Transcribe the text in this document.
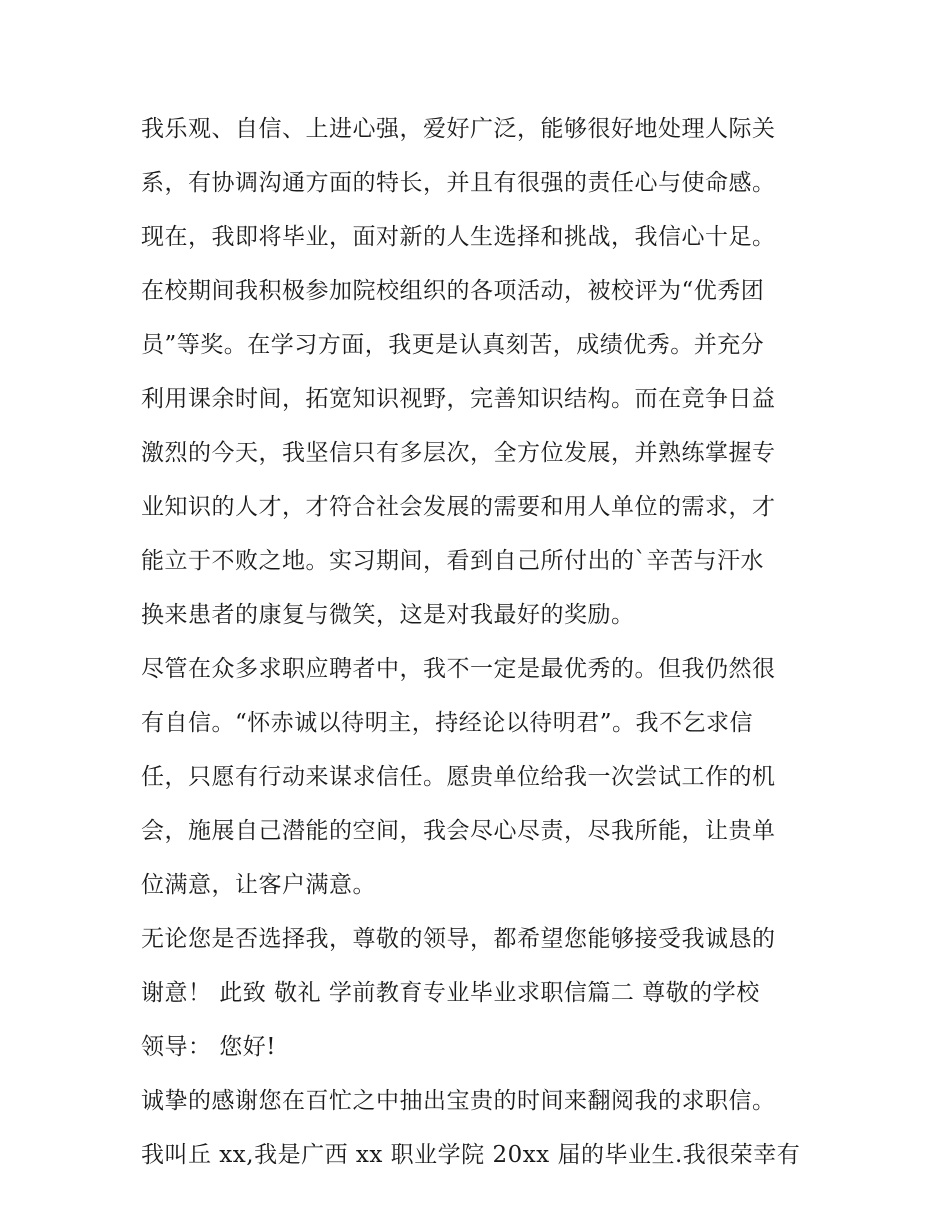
我乐观、自信、上进心强，爱好广泛，能够很好地处理人际关
系，有协调沟通方面的特长，并且有很强的责任心与使命感。
现在，我即将毕业，面对新的人生选择和挑战，我信心十足。
在校期间我积极参加院校组织的各项活动，被校评为“优秀团
员”等奖。在学习方面，我更是认真刻苦，成绩优秀。并充分
利用课余时间，拓宽知识视野，完善知识结构。而在竞争日益
激烈的今天，我坚信只有多层次，全方位发展，并熟练掌握专
业知识的人才，才符合社会发展的需要和用人单位的需求，才
能立于不败之地。实习期间，看到自己所付出的`辛苦与汗水
换来患者的康复与微笑，这是对我最好的奖励。
尽管在众多求职应聘者中，我不一定是最优秀的。但我仍然很
有自信。“怀赤诚以待明主，持经论以待明君”。我不乞求信
任，只愿有行动来谋求信任。愿贵单位给我一次尝试工作的机
会，施展自己潜能的空间，我会尽心尽责，尽我所能，让贵单
位满意，让客户满意。
无论您是否选择我，尊敬的领导，都希望您能够接受我诚恳的
谢意！ 此致 敬礼 学前教育专业毕业求职信篇二 尊敬的学校
领导： 您好!
诚挚的感谢您在百忙之中抽出宝贵的时间来翻阅我的求职信。
我叫丘 xx,我是广西 xx 职业学院 20xx 届的毕业生.我很荣幸有
